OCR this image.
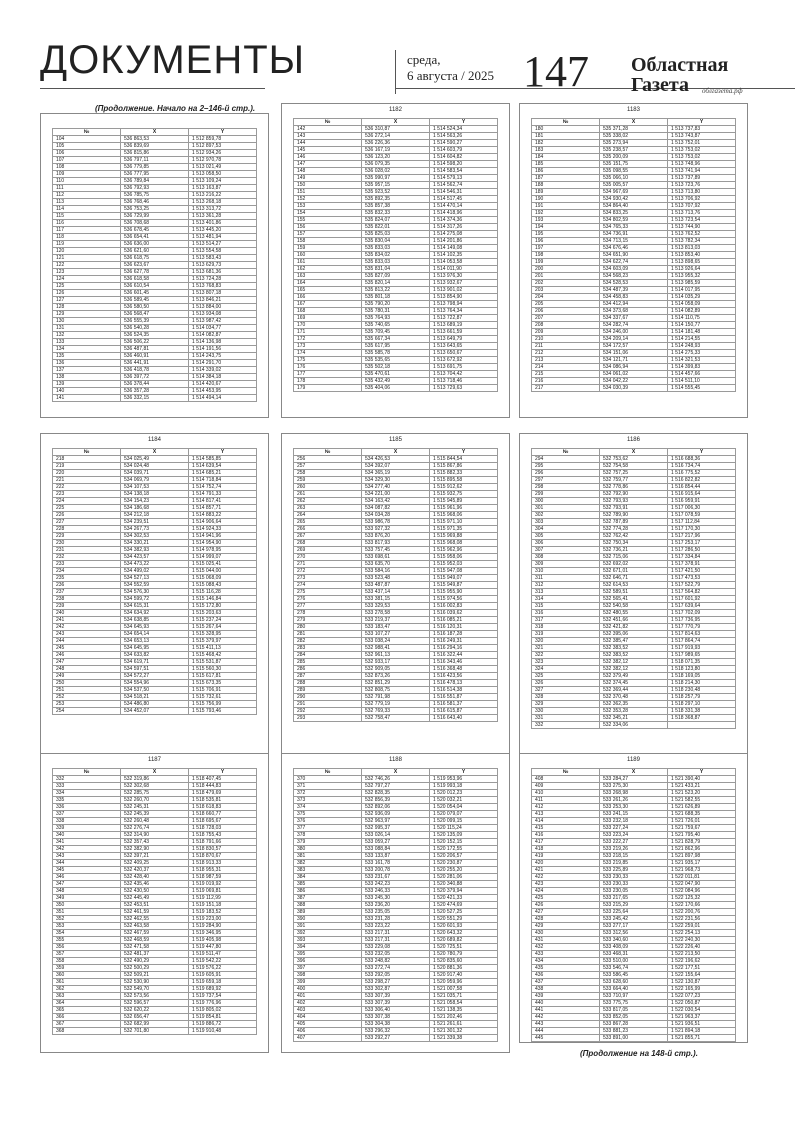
ДОКУМЕНТЫ	среда,
6 августа / 2025 147 Областная
Газета	облгазета.рф
(Продолжение. Начало на 2–146-й стр.).
(Продолжение на 148-й стр.).
№	X	Y
104	536 863,53	1 512 859,78
105	536 839,69	1 512 897,53
106	536 815,86	1 512 934,26
107	536 797,11	1 512 970,78
108	536 779,85	1 513 021,49
109	536 777,95	1 513 058,50
110	536 789,84	1 513 109,24
111	536 792,93	1 513 163,87
112	536 785,75	1 513 216,22
113	536 768,46	1 513 268,18
114	536 753,25	1 513 313,72
115	536 729,99	1 513 361,28
116	536 708,68	1 513 401,86
117	536 678,45	1 513 445,20
118	536 654,41	1 513 481,94
119	536 636,00	1 513 514,27
120	536 621,60	1 513 554,58
121	536 618,75	1 513 583,43
122	536 623,67	1 513 629,73
123	536 627,78	1 513 681,36
124	536 618,58	1 513 724,28
125	536 610,54	1 513 768,83
126	536 601,45	1 513 807,18
127	536 589,45	1 513 846,21
128	536 580,50	1 513 884,00
129	536 568,47	1 513 934,08
130	536 555,39	1 513 987,42
131	536 540,28	1 514 034,77
132	536 524,35	1 514 082,87
133	536 506,22	1 514 136,98
134	536 487,81	1 514 191,56
135	536 460,91	1 514 243,75
136	536 441,91	1 514 291,70
137	536 418,78	1 514 339,02
138	536 397,72	1 514 384,18
139	536 378,44	1 514 420,67
140	536 357,28	1 514 453,95
141	536 332,15	1 514 494,14
1182
№	X	Y
142	536 310,87	1 514 524,34
143	536 272,14	1 514 563,26
144	536 226,36	1 514 590,27
145	536 167,19	1 514 603,79
146	536 123,20	1 514 604,82
147	536 079,35	1 514 598,20
148	536 028,02	1 514 583,54
149	535 990,97	1 514 579,13
150	535 957,15	1 514 562,74
151	535 923,52	1 514 546,31
152	535 892,35	1 514 517,45
153	535 857,38	1 514 470,14
154	535 832,33	1 514 418,96
155	535 824,07	1 514 374,36
156	535 822,01	1 514 317,26
157	535 825,03	1 514 275,08
158	535 830,04	1 514 201,86
159	535 833,03	1 514 149,08
160	535 834,02	1 514 102,35
161	535 833,03	1 514 053,58
162	535 831,04	1 514 011,90
163	535 827,09	1 513 976,30
164	535 820,14	1 513 932,67
165	535 813,22	1 513 901,02
166	535 801,18	1 513 854,90
167	535 790,20	1 513 798,94
168	535 780,31	1 513 764,34
169	535 764,93	1 513 722,87
170	535 740,65	1 513 689,19
171	535 709,45	1 513 661,59
172	535 667,34	1 513 649,79
173	535 617,95	1 513 643,65
174	535 585,78	1 513 650,67
175	535 535,65	1 513 672,92
176	535 502,18	1 513 691,75
177	535 470,61	1 513 704,42
178	535 432,49	1 513 718,46
179	535 404,06	1 513 729,63
1183
№	X	Y
180	535 371,28	1 513 737,83
181	535 338,02	1 513 743,87
182	535 273,94	1 513 752,01
183	535 238,57	1 513 753,02
184	535 200,09	1 513 753,02
185	535 151,75	1 513 748,96
186	535 098,55	1 513 741,94
187	535 066,10	1 513 737,89
188	535 005,57	1 513 723,76
189	534 967,69	1 513 713,80
190	534 930,42	1 513 706,92
191	534 864,40	1 513 707,92
192	534 833,25	1 513 713,76
193	534 802,59	1 513 723,54
194	534 765,33	1 513 744,90
195	534 736,91	1 513 762,52
196	534 713,15	1 513 782,34
197	534 676,46	1 513 813,03
198	534 651,90	1 513 853,40
199	534 622,74	1 513 898,65
200	534 603,09	1 513 926,64
201	534 568,23	1 513 955,32
202	534 528,53	1 513 985,59
203	534 487,39	1 514 017,95
204	534 458,83	1 514 035,29
205	534 412,94	1 514 058,09
206	534 373,68	1 514 082,89
207	534 337,67	1 514 110,75
208	534 282,74	1 514 150,77
209	534 246,00	1 514 181,48
210	534 209,14	1 514 214,55
211	534 172,57	1 514 248,93
212	534 151,06	1 514 275,33
213	534 121,71	1 514 321,53
214	534 086,94	1 514 399,83
215	534 061,02	1 514 457,66
216	534 042,22	1 514 511,10
217	534 030,39	1 514 555,45
1184
№	X	Y
218	534 025,49	1 514 585,85
219	534 024,48	1 514 639,54
220	534 039,71	1 514 685,21
221	534 069,79	1 514 718,84
222	534 107,53	1 514 752,74
223	534 138,18	1 514 791,33
224	534 154,23	1 514 817,41
225	534 186,68	1 514 857,71
226	534 212,18	1 514 883,22
227	534 239,51	1 514 906,64
228	534 267,73	1 514 924,33
229	534 302,53	1 514 941,96
230	534 330,21	1 514 954,90
231	534 382,93	1 514 978,95
232	534 423,57	1 514 999,07
233	534 473,22	1 515 025,41
234	534 499,02	1 515 044,00
235	534 527,13	1 515 068,09
236	534 552,59	1 515 088,43
237	534 576,30	1 515 116,28
238	534 599,72	1 515 146,84
239	534 615,31	1 515 172,80
240	534 634,92	1 515 203,63
241	534 638,85	1 515 237,24
242	534 645,93	1 515 267,64
243	534 654,14	1 515 328,95
244	534 653,13	1 515 379,97
245	534 645,95	1 515 411,13
246	534 633,82	1 515 468,42
247	534 619,71	1 515 531,87
248	534 597,51	1 515 560,30
249	534 572,27	1 515 617,81
250	534 554,96	1 515 673,35
251	534 537,50	1 515 706,91
252	534 518,21	1 515 732,61
253	534 486,80	1 515 756,99
254	534 452,07	1 515 793,46
1185
№	X	Y
256	534 426,53	1 515 844,54
257	534 392,07	1 515 867,86
258	534 365,19	1 515 882,33
259	534 329,30	1 515 895,58
260	534 277,40	1 515 912,62
261	534 221,00	1 515 932,75
262	534 163,42	1 515 945,89
263	534 087,82	1 515 961,96
264	534 034,28	1 515 968,06
265	533 986,78	1 515 971,10
266	533 927,32	1 515 971,35
267	533 876,20	1 515 969,88
268	533 817,93	1 515 968,08
269	533 757,45	1 515 962,96
270	533 698,61	1 515 958,06
271	533 635,70	1 515 952,03
272	533 584,16	1 515 947,08
273	533 523,48	1 515 949,07
274	533 487,87	1 515 949,87
275	533 437,14	1 515 955,90
276	533 381,15	1 515 974,56
277	533 329,53	1 516 002,83
278	533 278,58	1 516 039,62
279	533 219,37	1 516 085,21
280	533 183,47	1 516 120,31
281	533 107,27	1 516 187,28
282	533 038,24	1 516 249,31
283	532 988,41	1 516 294,16
284	532 961,13	1 516 322,44
285	532 933,17	1 516 343,46
286	532 909,05	1 516 368,48
287	532 873,26	1 516 423,56
288	532 851,29	1 516 478,13
289	532 808,75	1 516 514,38
290	532 791,98	1 516 551,87
291	532 779,19	1 516 581,37
292	532 769,33	1 516 615,87
293	532 758,47	1 516 643,40
1186
№	X	Y
294	532 753,62	1 516 688,36
295	532 754,58	1 516 734,74
296	532 757,25	1 516 775,52
297	532 759,77	1 516 822,82
298	532 778,86	1 516 854,44
299	532 792,90	1 516 915,64
300	532 793,93	1 516 959,91
301	532 793,91	1 517 006,30
302	532 789,90	1 517 078,59
303	532 787,89	1 517 112,84
304	532 774,28	1 517 170,30
305	532 762,42	1 517 217,96
306	532 750,34	1 517 253,17
307	532 736,21	1 517 286,50
308	532 715,06	1 517 334,84
309	532 692,02	1 517 378,91
310	532 671,01	1 517 421,50
311	532 646,71	1 517 473,53
312	532 614,53	1 517 522,79
313	532 589,51	1 517 564,82
314	532 565,41	1 517 601,92
315	532 540,58	1 517 639,64
316	532 480,55	1 517 702,09
317	532 451,66	1 517 736,95
318	532 421,82	1 517 770,79
319	532 395,06	1 517 814,63
320	532 385,47	1 517 864,74
321	532 383,52	1 517 919,93
322	532 383,52	1 517 989,65
323	532 382,12	1 518 071,35
324	532 382,12	1 518 123,80
325	532 379,49	1 518 169,05
326	532 374,45	1 518 214,30
327	532 369,44	1 518 230,48
328	532 370,48	1 518 257,79
329	532 362,35	1 518 297,10
330	532 353,28	1 518 331,38
331	532 345,21	1 518 368,87
332	532 334,06	
1187
№	X	Y
332	532 319,86	1 518 407,45
333	532 302,68	1 518 444,83
334	532 285,75	1 518 479,69
335	532 260,70	1 518 535,81
336	532 245,31	1 518 618,83
337	532 245,39	1 518 660,77
338	532 260,48	1 518 695,67
339	532 276,74	1 518 728,03
340	532 314,90	1 518 755,43
341	532 357,43	1 518 791,66
342	532 382,90	1 518 830,57
343	532 397,21	1 518 870,67
344	532 409,25	1 518 913,33
345	532 420,37	1 518 955,31
346	532 428,40	1 518 987,59
347	532 435,46	1 519 019,92
348	532 430,50	1 519 069,81
349	532 445,49	1 519 112,99
350	532 453,51	1 519 151,18
351	532 461,59	1 519 183,52
352	532 462,55	1 519 223,00
353	532 463,58	1 519 284,90
354	532 467,59	1 519 346,95
355	532 468,59	1 519 405,98
356	532 471,58	1 519 447,80
357	532 481,37	1 519 511,47
358	532 490,29	1 519 542,22
359	532 500,29	1 519 576,22
360	532 509,21	1 519 605,91
361	532 530,90	1 519 659,18
362	532 549,70	1 519 689,92
363	532 573,56	1 519 737,54
364	532 596,57	1 519 776,96
365	532 620,22	1 519 805,02
366	532 656,47	1 519 854,81
367	532 682,99	1 519 886,72
368	532 701,80	1 519 910,48
1188
№	X	Y
370	532 746,26	1 519 953,96
371	532 797,27	1 519 993,18
372	532 828,35	1 520 012,23
373	532 856,39	1 520 032,21
374	532 892,06	1 520 054,04
375	532 936,09	1 520 079,07
376	532 963,97	1 520 099,15
377	532 995,37	1 520 115,24
378	533 026,14	1 520 135,09
379	533 059,27	1 520 152,15
380	533 088,84	1 520 172,55
381	533 133,87	1 520 206,57
382	533 161,78	1 520 230,87
383	533 200,78	1 520 255,20
384	533 231,67	1 520 281,06
385	533 242,23	1 520 340,88
386	533 246,33	1 520 379,94
387	533 245,30	1 520 421,33
388	533 236,20	1 520 474,69
389	533 235,05	1 520 527,25
390	533 231,28	1 520 551,29
391	533 223,22	1 520 601,93
392	533 217,31	1 520 643,32
393	533 217,31	1 520 689,82
394	533 229,08	1 520 725,51
395	533 232,05	1 520 780,79
396	533 248,82	1 520 835,60
397	533 272,74	1 520 881,36
398	533 292,05	1 520 917,40
399	533 298,27	1 520 959,96
400	533 302,87	1 521 007,58
401	533 307,39	1 521 035,71
402	533 307,39	1 521 058,54
403	533 306,40	1 521 138,35
404	533 307,38	1 521 202,46
405	533 304,38	1 521 261,61
406	533 296,32	1 521 301,32
407	533 292,27	1 521 339,38
1189
№	X	Y
408	533 284,27	1 521 390,40
409	533 275,30	1 521 433,21
410	533 268,98	1 521 523,20
411	533 261,26	1 521 582,55
412	533 253,30	1 521 626,89
413	533 241,15	1 521 688,35
414	533 232,18	1 521 726,01
415	533 227,24	1 521 759,67
416	533 223,24	1 521 795,40
417	533 222,27	1 521 828,79
418	533 219,26	1 521 862,96
419	533 218,15	1 521 897,98
420	533 219,85	1 521 935,17
421	533 225,89	1 521 968,73
422	533 230,33	1 522 011,81
423	533 230,33	1 522 047,90
424	533 230,05	1 522 084,96
425	533 217,65	1 522 125,32
426	533 215,29	1 522 170,66
427	533 225,64	1 522 200,76
428	533 245,42	1 522 231,56
429	533 277,17	1 522 259,01
430	533 312,56	1 522 254,13
431	533 340,60	1 522 240,30
432	533 408,09	1 522 226,40
433	533 468,31	1 522 213,50
434	533 510,00	1 522 196,62
435	533 546,74	1 522 177,51
436	533 586,45	1 522 155,64
437	533 628,60	1 522 130,87
438	533 664,40	1 522 165,99
439	533 710,97	1 522 077,23
440	533 775,75	1 522 050,87
441	533 817,05	1 522 030,54
442	533 852,05	1 521 963,37
443	533 867,28	1 521 936,51
444	533 881,23	1 521 894,18
445	533 891,00	1 521 855,71
